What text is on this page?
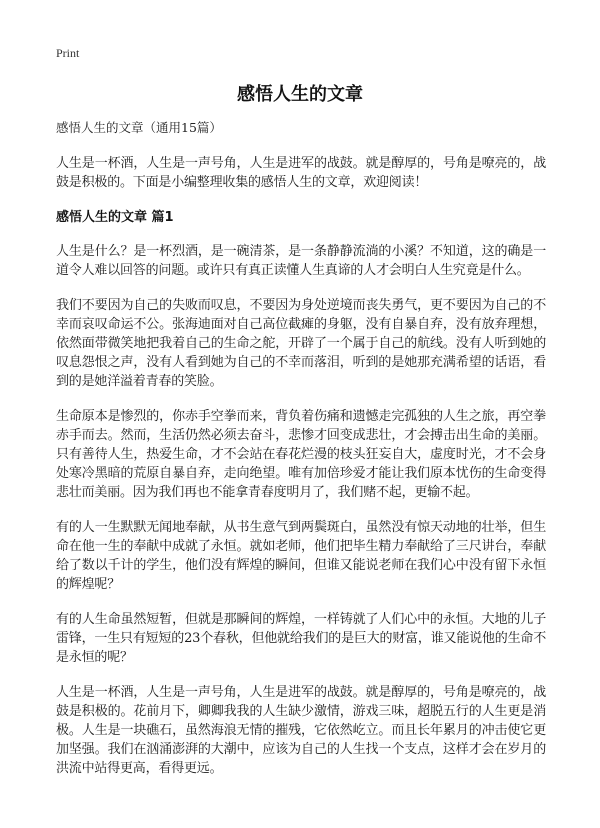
Print
感悟人生的文章

感悟人生的文章（通用15篇）

人生是一杯酒，人生是一声号角，人生是进军的战鼓。就是醇厚的，号角是嘹亮的，战鼓是积极的。下面是小编整理收集的感悟人生的文章，欢迎阅读！

感悟人生的文章 篇1

人生是什么？是一杯烈酒，是一碗清茶，是一条静静流淌的小溪？不知道，这的确是一道令人难以回答的问题。或许只有真正读懂人生真谛的人才会明白人生究竟是什么。

我们不要因为自己的失败而叹息，不要因为身处逆境而丧失勇气，更不要因为自己的不幸而哀叹命运不公。张海迪面对自己高位截瘫的身躯，没有自暴自弃，没有放弃理想，依然面带微笑地把我着自己的生命之舵，开辟了一个属于自己的航线。没有人听到她的叹息怨恨之声，没有人看到她为自己的不幸而落泪，听到的是她那充满希望的话语，看到的是她洋溢着青春的笑脸。

生命原本是惨烈的，你赤手空拳而来，背负着伤痛和遗憾走完孤独的人生之旅，再空拳赤手而去。然而，生活仍然必须去奋斗，悲惨才回变成悲壮，才会搏击出生命的美丽。只有善待人生，热爱生命，才不会站在春花烂漫的枝头狂妄自大，虚度时光，才不会身处寒冷黑暗的荒原自暴自弃，走向绝望。唯有加倍珍爱才能让我们原本忧伤的生命变得悲壮而美丽。因为我们再也不能拿青春度明月了，我们赌不起，更输不起。

有的人一生默默无闻地奉献，从书生意气到两鬓斑白，虽然没有惊天动地的壮举，但生命在他一生的奉献中成就了永恒。就如老师，他们把毕生精力奉献给了三尺讲台，奉献给了数以千计的学生，他们没有辉煌的瞬间，但谁又能说老师在我们心中没有留下永恒的辉煌呢？

有的人生命虽然短暂，但就是那瞬间的辉煌，一样铸就了人们心中的永恒。大地的儿子雷锋，一生只有短短的23个春秋，但他就给我们的是巨大的财富，谁又能说他的生命不是永恒的呢？

人生是一杯酒，人生是一声号角，人生是进军的战鼓。就是醇厚的，号角是嘹亮的，战鼓是积极的。花前月下，卿卿我我的人生缺少激情，游戏三味，超脱五行的人生更是消极。人生是一块礁石，虽然海浪无情的摧残，它依然屹立。而且长年累月的冲击使它更加坚强。我们在汹涌澎湃的大潮中，应该为自己的人生找一个支点，这样才会在岁月的洪流中站得更高，看得更远。
